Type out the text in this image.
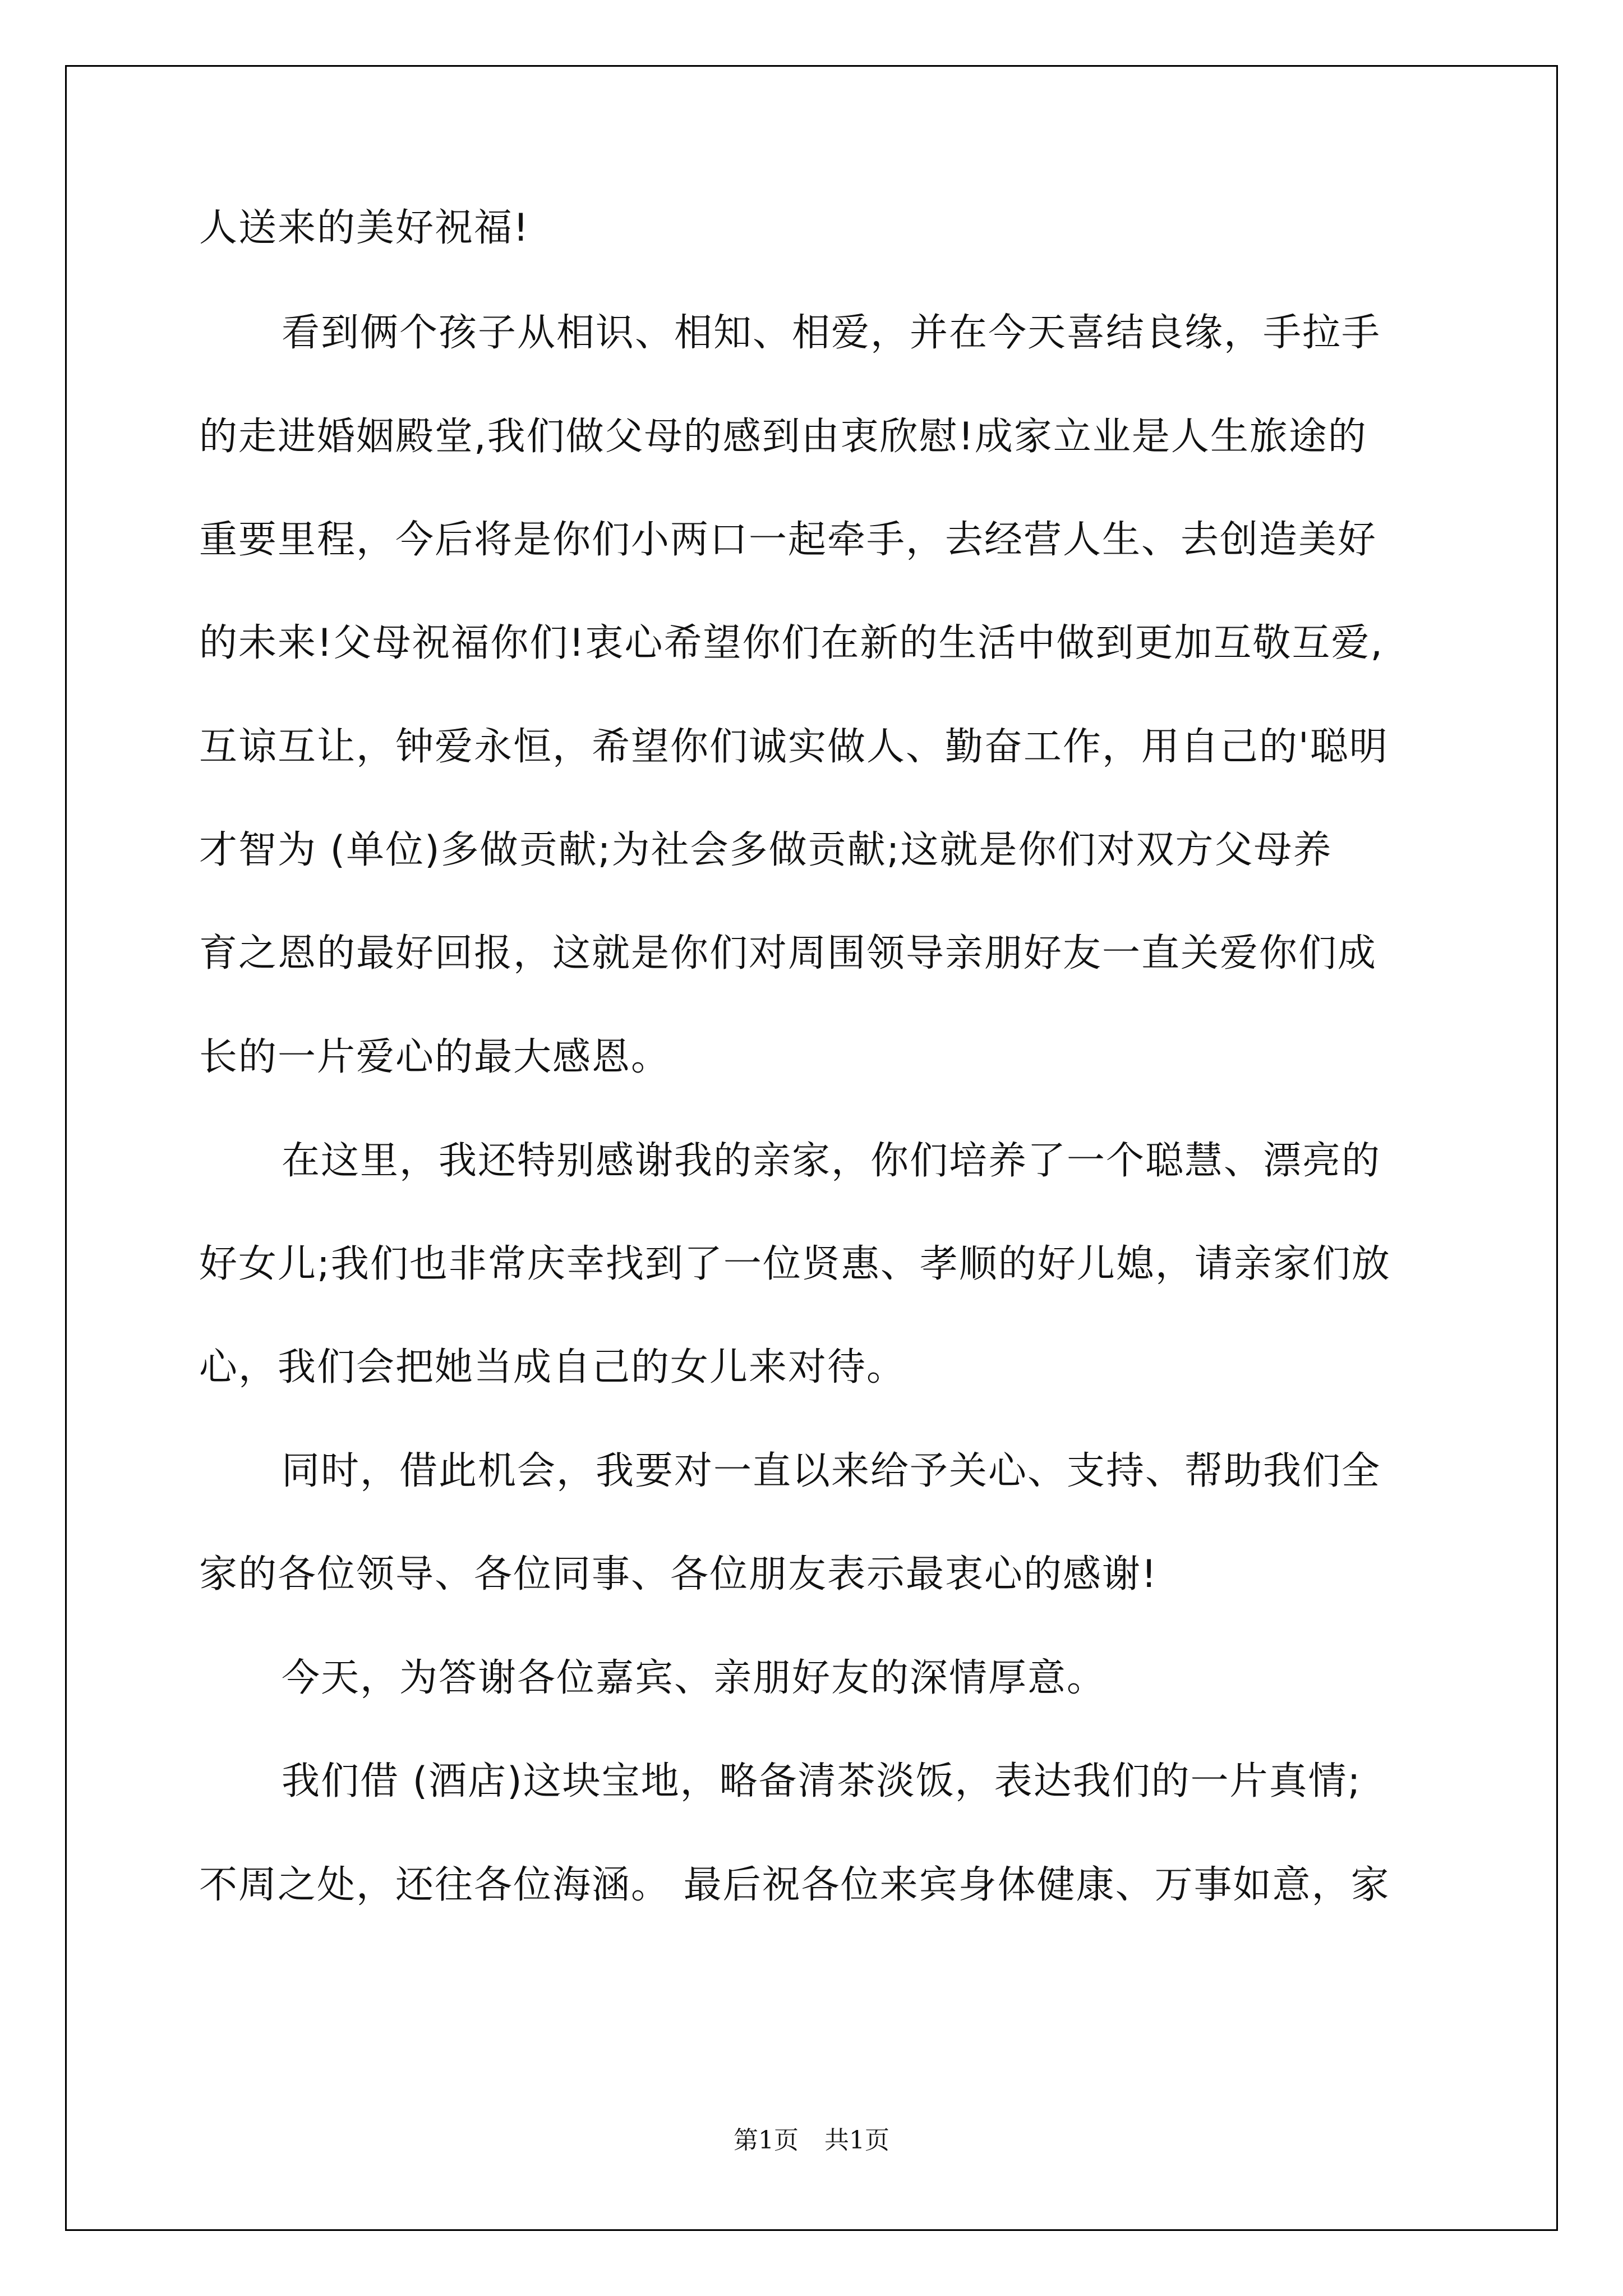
人送来的美好祝福!
看到俩个孩子从相识、相知、相爱，并在今天喜结良缘，手拉手
的走进婚姻殿堂,我们做父母的感到由衷欣慰!成家立业是人生旅途的
重要里程，今后将是你们小两口一起牵手，去经营人生、去创造美好
的未来!父母祝福你们!衷心希望你们在新的生活中做到更加互敬互爱,
互谅互让，钟爱永恒，希望你们诚实做人、勤奋工作，用自己的'聪明
才智为 (单位)多做贡献;为社会多做贡献;这就是你们对双方父母养
育之恩的最好回报，这就是你们对周围领导亲朋好友一直关爱你们成
长的一片爱心的最大感恩。
在这里，我还特别感谢我的亲家，你们培养了一个聪慧、漂亮的
好女儿;我们也非常庆幸找到了一位贤惠、孝顺的好儿媳，请亲家们放
心，我们会把她当成自己的女儿来对待。
同时，借此机会，我要对一直以来给予关心、支持、帮助我们全
家的各位领导、各位同事、各位朋友表示最衷心的感谢!
今天，为答谢各位嘉宾、亲朋好友的深情厚意。
我们借 (酒店)这块宝地，略备清茶淡饭，表达我们的一片真情;
不周之处，还往各位海涵。 最后祝各位来宾身体健康、万事如意，家
第1页 共1页
